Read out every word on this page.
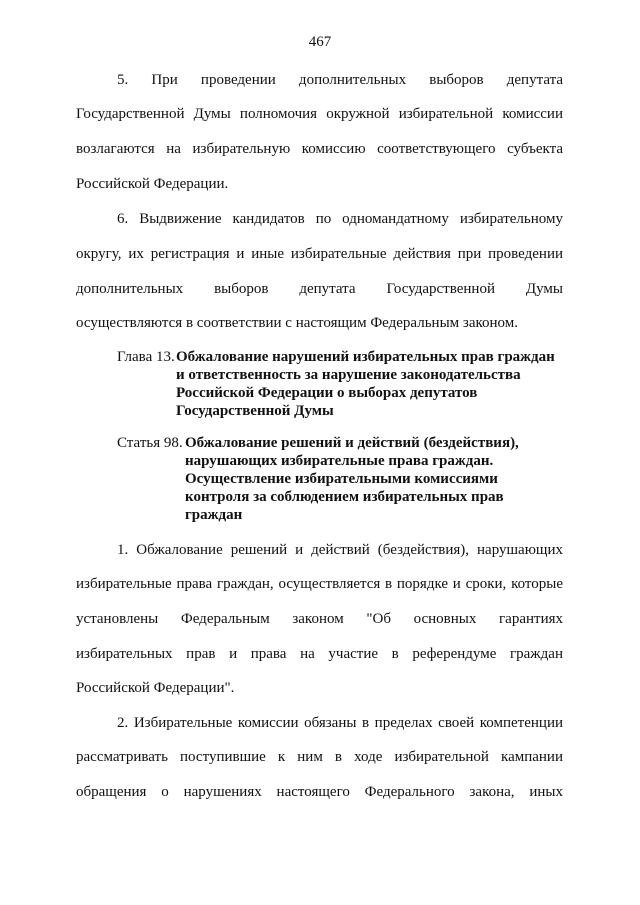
467
5. При проведении дополнительных выборов депутата
Государственной Думы полномочия окружной избирательной комиссии
возлагаются на избирательную комиссию соответствующего субъекта
Российской Федерации.
6. Выдвижение кандидатов по одномандатному избирательному
округу, их регистрация и иные избирательные действия при проведении
дополнительных выборов депутата Государственной Думы
осуществляются в соответствии с настоящим Федеральным законом.
Глава 13. Обжалование нарушений избирательных прав граждан
и ответственность за нарушение законодательства
Российской Федерации о выборах депутатов
Государственной Думы
Статья 98. Обжалование решений и действий (бездействия),
нарушающих избирательные права граждан.
Осуществление избирательными комиссиями
контроля за соблюдением избирательных прав
граждан
1. Обжалование решений и действий (бездействия), нарушающих
избирательные права граждан, осуществляется в порядке и сроки, которые
установлены Федеральным законом "Об основных гарантиях
избирательных прав и права на участие в референдуме граждан
Российской Федерации".
2. Избирательные комиссии обязаны в пределах своей компетенции
рассматривать поступившие к ним в ходе избирательной кампании
обращения о нарушениях настоящего Федерального закона, иных
